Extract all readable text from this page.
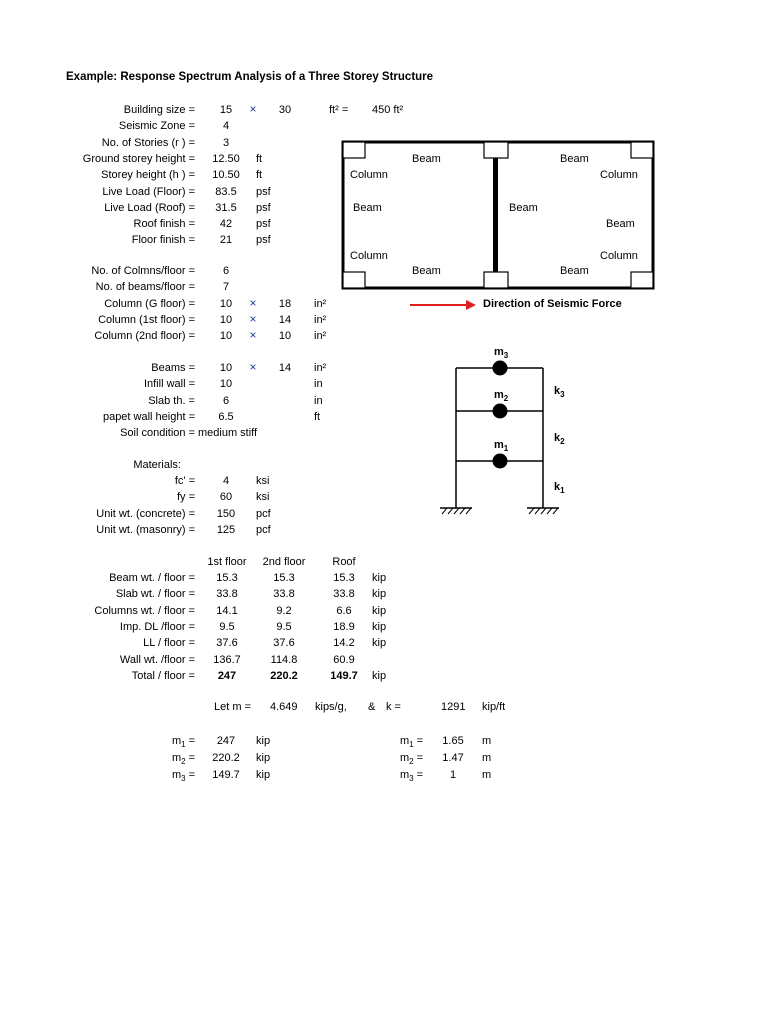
Example: Response Spectrum Analysis of a Three Storey Structure
Building size =	15	×	30	ft² = 450 ft²
Seismic Zone =	4
No. of Stories (r ) =	3
Ground storey height =	12.50	ft
Storey height (h ) =	10.50	ft
Live Load (Floor) =	83.5	psf
Live Load (Roof) =	31.5	psf
Roof finish =	42	psf
Floor finish =	21	psf
No. of Colmns/floor =	6
No. of beams/floor =	7
Column (G floor) =	10	×	18	in²
Column (1st floor) =	10	×	14	in²
Column (2nd floor) =	10	×	10	in²
Beams =	10	×	14	in²
Infill wall =	10	in
Slab th. =	6	in
papet wall height =	6.5	ft
Soil condition = medium stiff
Materials:
fc' =	4	ksi
fy =	60	ksi
Unit wt. (concrete) =	150	pcf
Unit wt. (masonry) =	125	pcf
1st floor 2nd floor	Roof
Beam wt. / floor =	15.3	15.3	15.3	kip
Slab wt. / floor =	33.8	33.8	33.8	kip
Columns wt. / floor =	14.1	9.2	6.6	kip
Imp. DL /floor =	9.5	9.5	18.9	kip
LL / floor =	37.6	37.6	14.2	kip
Wall wt. /floor =	136.7	114.8	60.9
Total / floor =	247	220.2	149.7	kip
Let m = 4.649 kips/g, & k =	1291 kip/ft
$m_1$ =	247	kip
$m_2$ =	220.2	kip
$m_3$ =	149.7	kip
$m_1$ =	1.65	m
$m_2$ =	1.47	m
$m_3$ =	1	m
Beam	Beam
Column	Column
Beam	Beam
Beam
Column	Column
Beam	Beam
Direction of Seismic Force
$m_3$
$m_2$
$m_1$
$k_3$
$k_2$
$k_1$
